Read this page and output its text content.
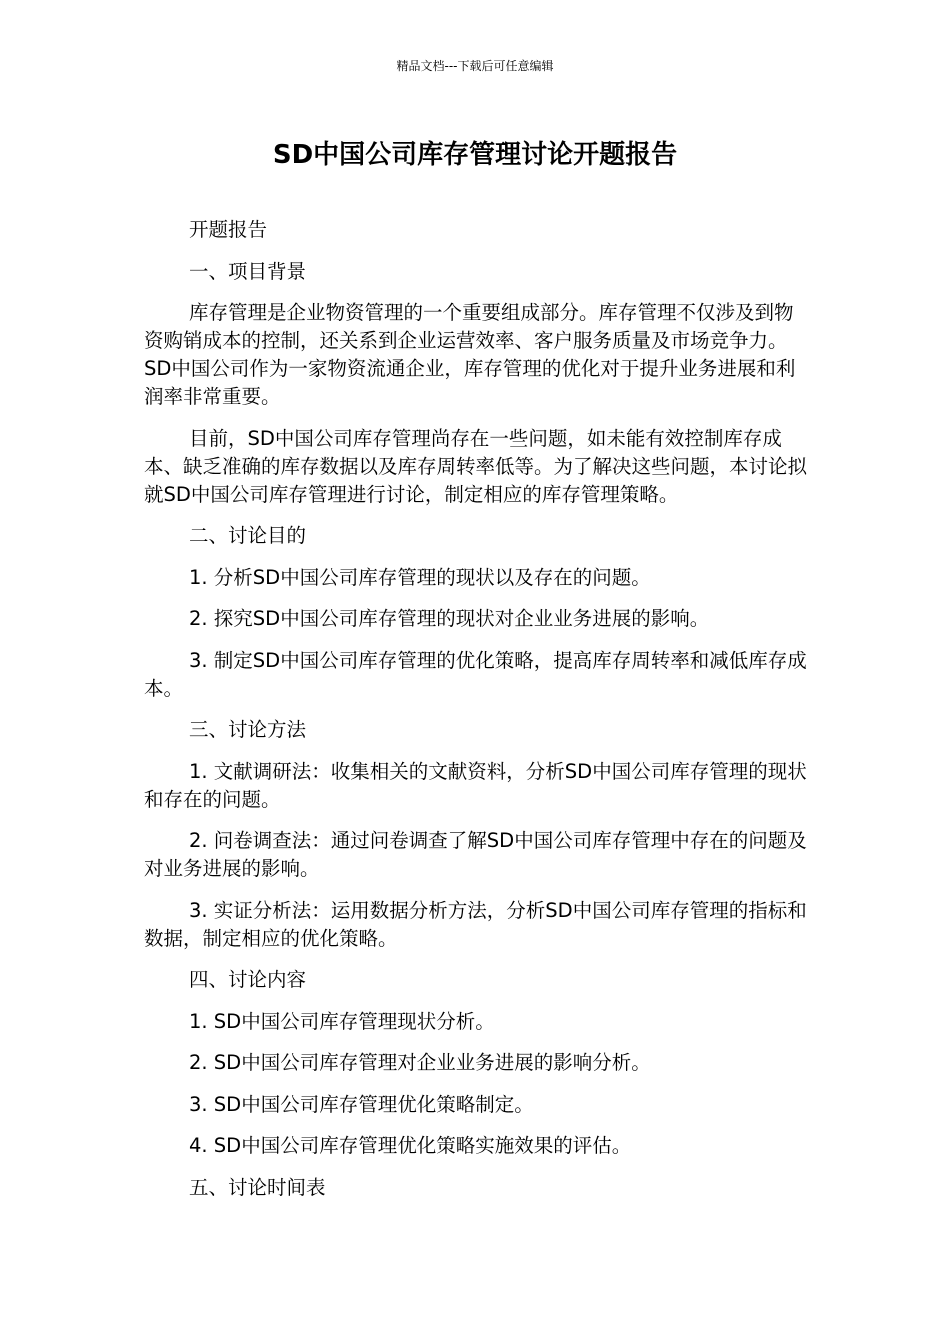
精品文档---下载后可任意编辑
SD中国公司库存管理讨论开题报告

开题报告

一、项目背景

库存管理是企业物资管理的一个重要组成部分。库存管理不仅涉及到物资购销成本的控制，还关系到企业运营效率、客户服务质量及市场竞争力。SD中国公司作为一家物资流通企业，库存管理的优化对于提升业务进展和利润率非常重要。

目前，SD中国公司库存管理尚存在一些问题，如未能有效控制库存成本、缺乏准确的库存数据以及库存周转率低等。为了解决这些问题，本讨论拟就SD中国公司库存管理进行讨论，制定相应的库存管理策略。

二、讨论目的

1. 分析SD中国公司库存管理的现状以及存在的问题。

2. 探究SD中国公司库存管理的现状对企业业务进展的影响。

3. 制定SD中国公司库存管理的优化策略，提高库存周转率和减低库存成本。

三、讨论方法

1. 文献调研法：收集相关的文献资料，分析SD中国公司库存管理的现状和存在的问题。

2. 问卷调查法：通过问卷调查了解SD中国公司库存管理中存在的问题及对业务进展的影响。

3. 实证分析法：运用数据分析方法，分析SD中国公司库存管理的指标和数据，制定相应的优化策略。

四、讨论内容

1. SD中国公司库存管理现状分析。

2. SD中国公司库存管理对企业业务进展的影响分析。

3. SD中国公司库存管理优化策略制定。

4. SD中国公司库存管理优化策略实施效果的评估。

五、讨论时间表
